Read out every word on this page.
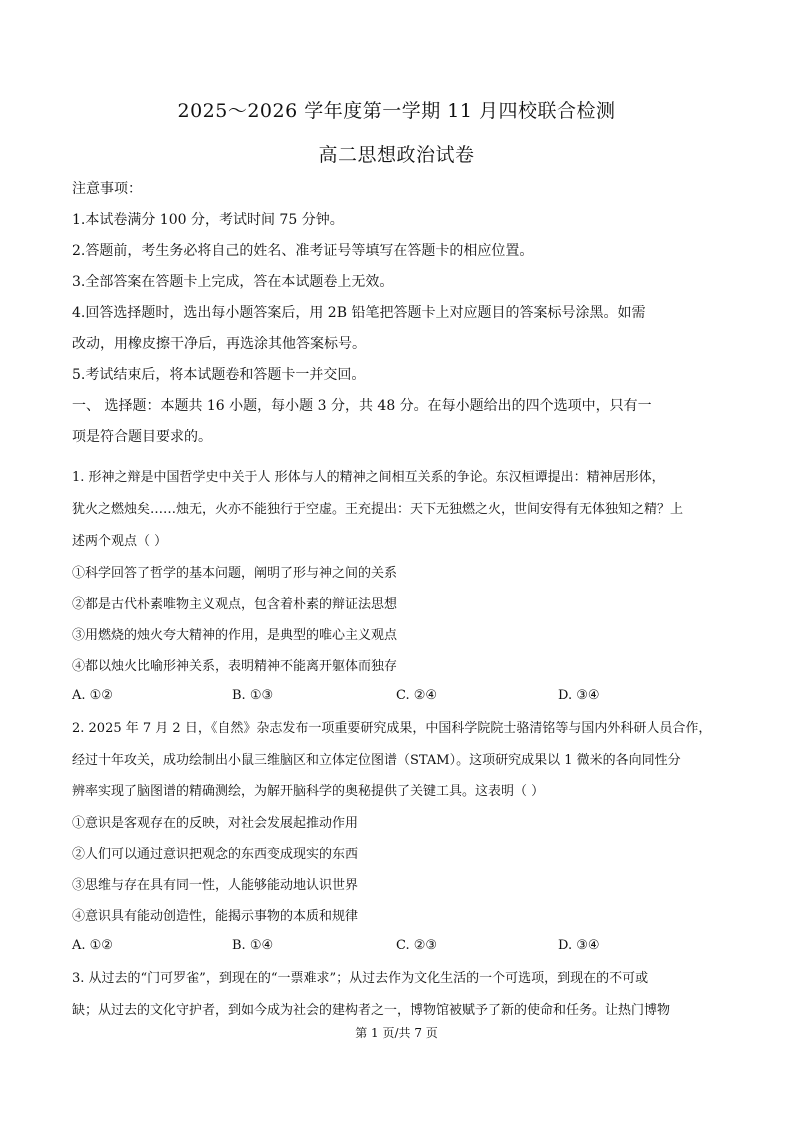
2025～2026 学年度第一学期 11 月四校联合检测
高二思想政治试卷
注意事项：
1.本试卷满分 100 分，考试时间 75 分钟。
2.答题前，考生务必将自己的姓名、准考证号等填写在答题卡的相应位置。
3.全部答案在答题卡上完成，答在本试题卷上无效。
4.回答选择题时，选出每小题答案后，用 2B 铅笔把答题卡上对应题目的答案标号涂黑。如需
改动，用橡皮擦干净后，再选涂其他答案标号。
5.考试结束后，将本试题卷和答题卡一并交回。
一、 选择题：本题共 16 小题，每小题 3 分，共 48 分。在每小题给出的四个选项中，只有一
项是符合题目要求的。
1. 形神之辩是中国哲学史中关于人 形体与人的精神之间相互关系的争论。东汉桓谭提出：精神居形体，
犹火之燃烛矣……烛无，火亦不能独行于空虚。王充提出：天下无独燃之火，世间安得有无体独知之精？上
述两个观点（ ）
①科学回答了哲学的基本问题，阐明了形与神之间的关系
②都是古代朴素唯物主义观点，包含着朴素的辩证法思想
③用燃烧的烛火夸大精神的作用，是典型的唯心主义观点
④都以烛火比喻形神关系，表明精神不能离开躯体而独存
A. ①②	B. ①③	C. ②④	D. ③④
2. 2025 年 7 月 2 日，《自然》杂志发布一项重要研究成果，中国科学院院士骆清铭等与国内外科研人员合作，
经过十年攻关，成功绘制出小鼠三维脑区和立体定位图谱（STAM）。这项研究成果以 1 微米的各向同性分
辨率实现了脑图谱的精确测绘，为解开脑科学的奥秘提供了关键工具。这表明（ ）
①意识是客观存在的反映，对社会发展起推动作用
②人们可以通过意识把观念的东西变成现实的东西
③思维与存在具有同一性，人能够能动地认识世界
④意识具有能动创造性，能揭示事物的本质和规律
A. ①②	B. ①④	C. ②③	D. ③④
3. 从过去的“门可罗雀”，到现在的“一票难求”；从过去作为文化生活的一个可选项，到现在的不可或
缺；从过去的文化守护者，到如今成为社会的建构者之一，博物馆被赋予了新的使命和任务。让热门博物
第 1 页/共 7 页
